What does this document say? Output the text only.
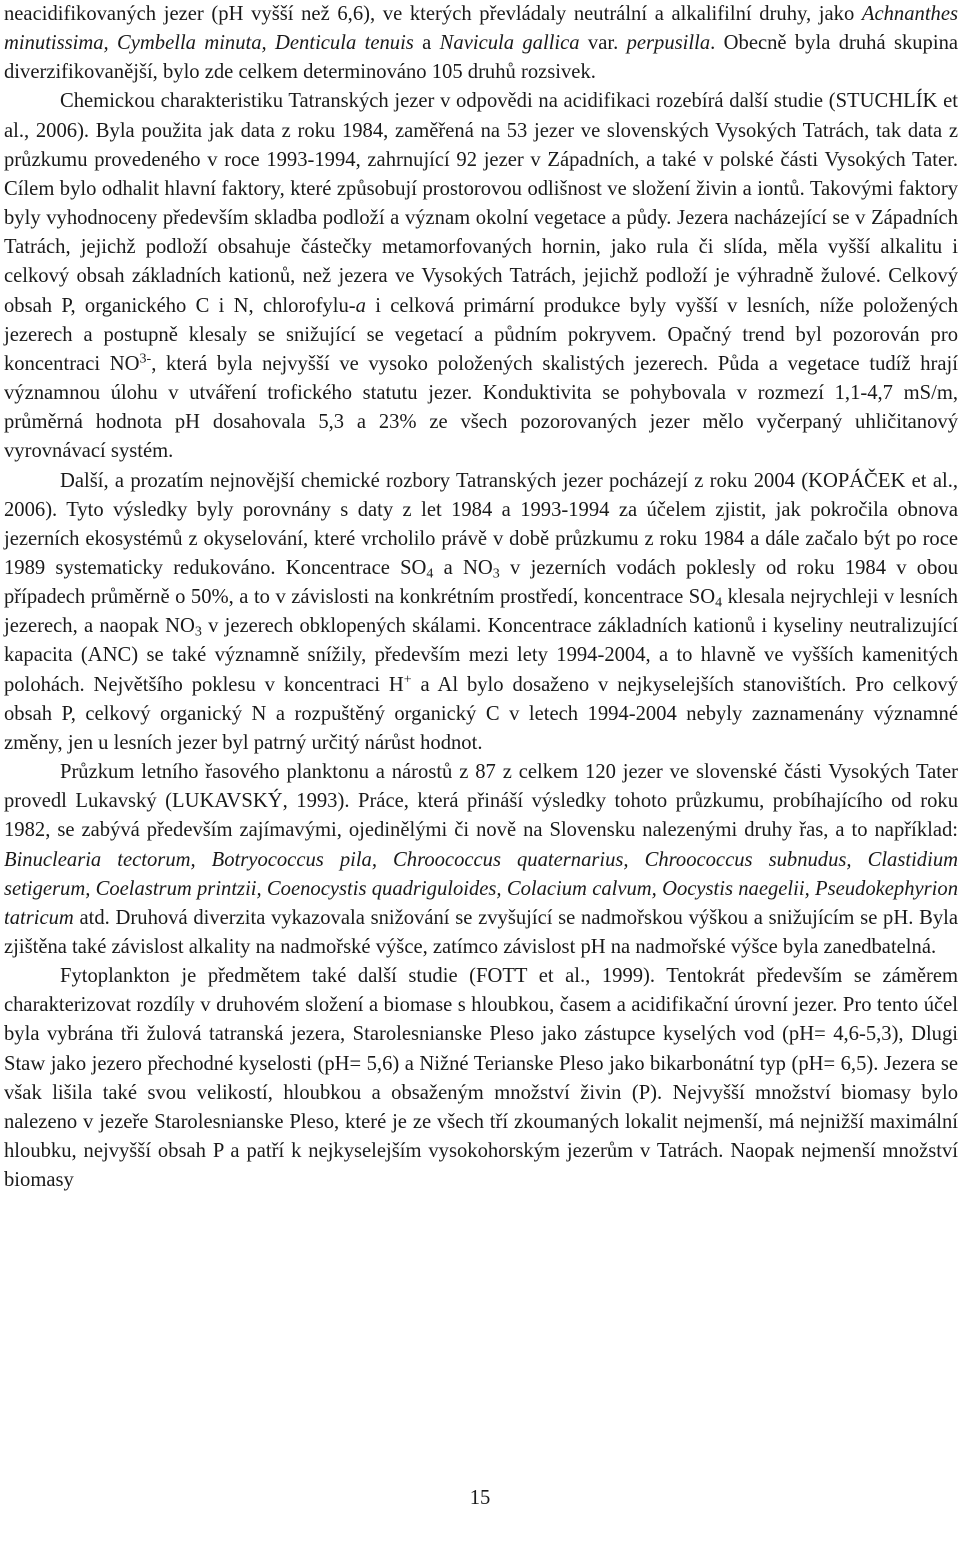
neacidifikovaných jezer (pH vyšší než 6,6), ve kterých převládaly neutrální a alkalifilní druhy, jako Achnanthes minutissima, Cymbella minuta, Denticula tenuis a Navicula gallica var. perpusilla. Obecně byla druhá skupina diverzifikovanější, bylo zde celkem determinováno 105 druhů rozsivek.

Chemickou charakteristiku Tatranských jezer v odpovědi na acidifikaci rozebírá další studie (STUCHLÍK et al., 2006). Byla použita jak data z roku 1984, zaměřená na 53 jezer ve slovenských Vysokých Tatrách, tak data z průzkumu provedeného v roce 1993-1994, zahrnující 92 jezer v Západních, a také v polské části Vysokých Tater. Cílem bylo odhalit hlavní faktory, které způsobují prostorovou odlišnost ve složení živin a iontů. Takovými faktory byly vyhodnoceny především skladba podloží a význam okolní vegetace a půdy. Jezera nacházející se v Západních Tatrách, jejichž podloží obsahuje částečky metamorfovaných hornin, jako rula či slída, měla vyšší alkalitu i celkový obsah základních kationů, než jezera ve Vysokých Tatrách, jejichž podloží je výhradně žulové. Celkový obsah P, organického C i N, chlorofylu-a i celková primární produkce byly vyšší v lesních, níže položených jezerech a postupně klesaly se snižující se vegetací a půdním pokryvem. Opačný trend byl pozorován pro koncentraci $NO^{3-}$, která byla nejvyšší ve vysoko položených skalistých jezerech. Půda a vegetace tudíž hrají významnou úlohu v utváření trofického statutu jezer. Konduktivita se pohybovala v rozmezí 1,1-4,7 mS/m, průměrná hodnota pH dosahovala 5,3 a 23% ze všech pozorovaných jezer mělo vyčerpaný uhličitanový vyrovnávací systém.

Další, a prozatím nejnovější chemické rozbory Tatranských jezer pocházejí z roku 2004 (KOPÁČEK et al., 2006). Tyto výsledky byly porovnány s daty z let 1984 a 1993-1994 za účelem zjistit, jak pokročila obnova jezerních ekosystémů z okyselování, které vrcholilo právě v době průzkumu z roku 1984 a dále začalo být po roce 1989 systematicky redukováno. Koncentrace $SO_4$ a $NO_3$ v jezerních vodách poklesly od roku 1984 v obou případech průměrně o 50%, a to v závislosti na konkrétním prostředí, koncentrace $SO_4$ klesala nejrychleji v lesních jezerech, a naopak $NO_3$ v jezerech obklopených skálami. Koncentrace základních kationů i kyseliny neutralizující kapacita (ANC) se také významně snížily, především mezi lety 1994-2004, a to hlavně ve vyšších kamenitých polohách. Největšího poklesu v koncentraci H+ a Al bylo dosaženo v nejkyselejších stanovištích. Pro celkový obsah P, celkový organický N a rozpuštěný organický C v letech 1994-2004 nebyly zaznamenány významné změny, jen u lesních jezer byl patrný určitý nárůst hodnot.

Průzkum letního řasového planktonu a nárostů z 87 z celkem 120 jezer ve slovenské části Vysokých Tater provedl Lukavský (LUKAVSKÝ, 1993). Práce, která přináší výsledky tohoto průzkumu, probíhajícího od roku 1982, se zabývá především zajímavými, ojedinělými či nově na Slovensku nalezenými druhy řas, a to například: Binuclearia tectorum, Botryococcus pila, Chroococcus quaternarius, Chroococcus subnudus, Clastidium setigerum, Coelastrum printzii, Coenocystis quadriguloides, Colacium calvum, Oocystis naegelii, Pseudokephyrion tatricum atd. Druhová diverzita vykazovala snižování se zvyšující se nadmořskou výškou a snižujícím se pH. Byla zjištěna také závislost alkality na nadmořské výšce, zatímco závislost pH na nadmořské výšce byla zanedbatelná.

Fytoplankton je předmětem také další studie (FOTT et al., 1999). Tentokrát především se záměrem charakterizovat rozdíly v druhovém složení a biomase s hloubkou, časem a acidifikační úrovní jezer. Pro tento účel byla vybrána tři žulová tatranská jezera, Starolesnianske Pleso jako zástupce kyselých vod (pH= 4,6-5,3), Dlugi Staw jako jezero přechodné kyselosti (pH= 5,6) a Nižné Terianske Pleso jako bikarbonátní typ (pH= 6,5). Jezera se však lišila také svou velikostí, hloubkou a obsaženým množství živin (P). Nejvyšší množství biomasy bylo nalezeno v jezeře Starolesnianske Pleso, které je ze všech tří zkoumaných lokalit nejmenší, má nejnižší maximální hloubku, nejvyšší obsah P a patří k nejkyselejším vysokohorským jezerům v Tatrách. Naopak nejmenší množství biomasy

15
